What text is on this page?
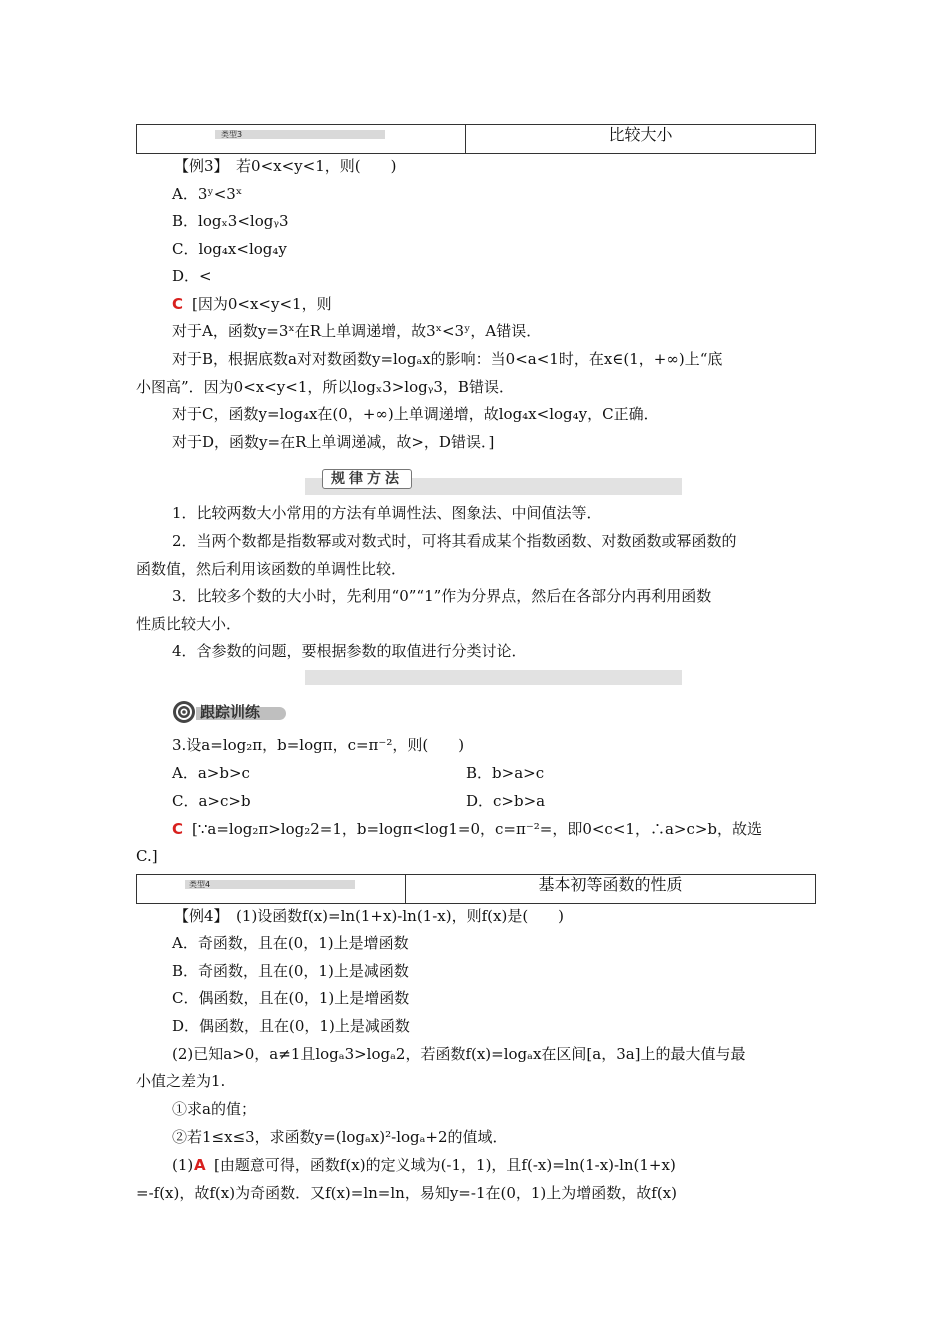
类型3	比较大小
【例3】　若0<x<y<1，则(　　)
A．3ʸ<3ˣ
B．logₓ3<logᵧ3
C．log₄x<log₄y
D．<
C [因为0<x<y<1，则
对于A，函数y=3ˣ在R上单调递增，故3ˣ<3ʸ，A错误．
对于B，根据底数a对对数函数y=logₐx的影响：当0<a<1时，在x∈(1，+∞)上“底
小图高”．因为0<x<y<1，所以logₓ3>logᵧ3，B错误．
对于C，函数y=log₄x在(0，+∞)上单调递增，故log₄x<log₄y，C正确．
对于D，函数y=在R上单调递减，故>，D错误．]
规律方法
1．比较两数大小常用的方法有单调性法、图象法、中间值法等．
2．当两个数都是指数幂或对数式时，可将其看成某个指数函数、对数函数或幂函数的
函数值，然后利用该函数的单调性比较．
3．比较多个数的大小时，先利用“0”“1”作为分界点，然后在各部分内再利用函数
性质比较大小．
4．含参数的问题，要根据参数的取值进行分类讨论．
跟踪训练
3.设a=log₂π，b=logπ，c=π⁻²，则(　　)
A．a>b>c	B．b>a>c
C．a>c>b	D．c>b>a
C [∵a=log₂π>log₂2=1，b=logπ<log1=0，c=π⁻²=，即0<c<1，∴a>c>b，故选
C.]
类型4	基本初等函数的性质
【例4】　(1)设函数f(x)=ln(1+x)-ln(1-x)，则f(x)是(　　)
A．奇函数，且在(0，1)上是增函数
B．奇函数，且在(0，1)上是减函数
C．偶函数，且在(0，1)上是增函数
D．偶函数，且在(0，1)上是减函数
(2)已知a>0，a≠1且logₐ3>logₐ2，若函数f(x)=logₐx在区间[a，3a]上的最大值与最
小值之差为1.
①求a的值；
②若1≤x≤3，求函数y=(logₐx)²-logₐ+2的值域．
(1) A [由题意可得，函数f(x)的定义域为(-1，1)，且f(-x)=ln(1-x)-ln(1+x)
=-f(x)，故f(x)为奇函数．又f(x)=ln=ln，易知y=-1在(0，1)上为增函数，故f(x)
